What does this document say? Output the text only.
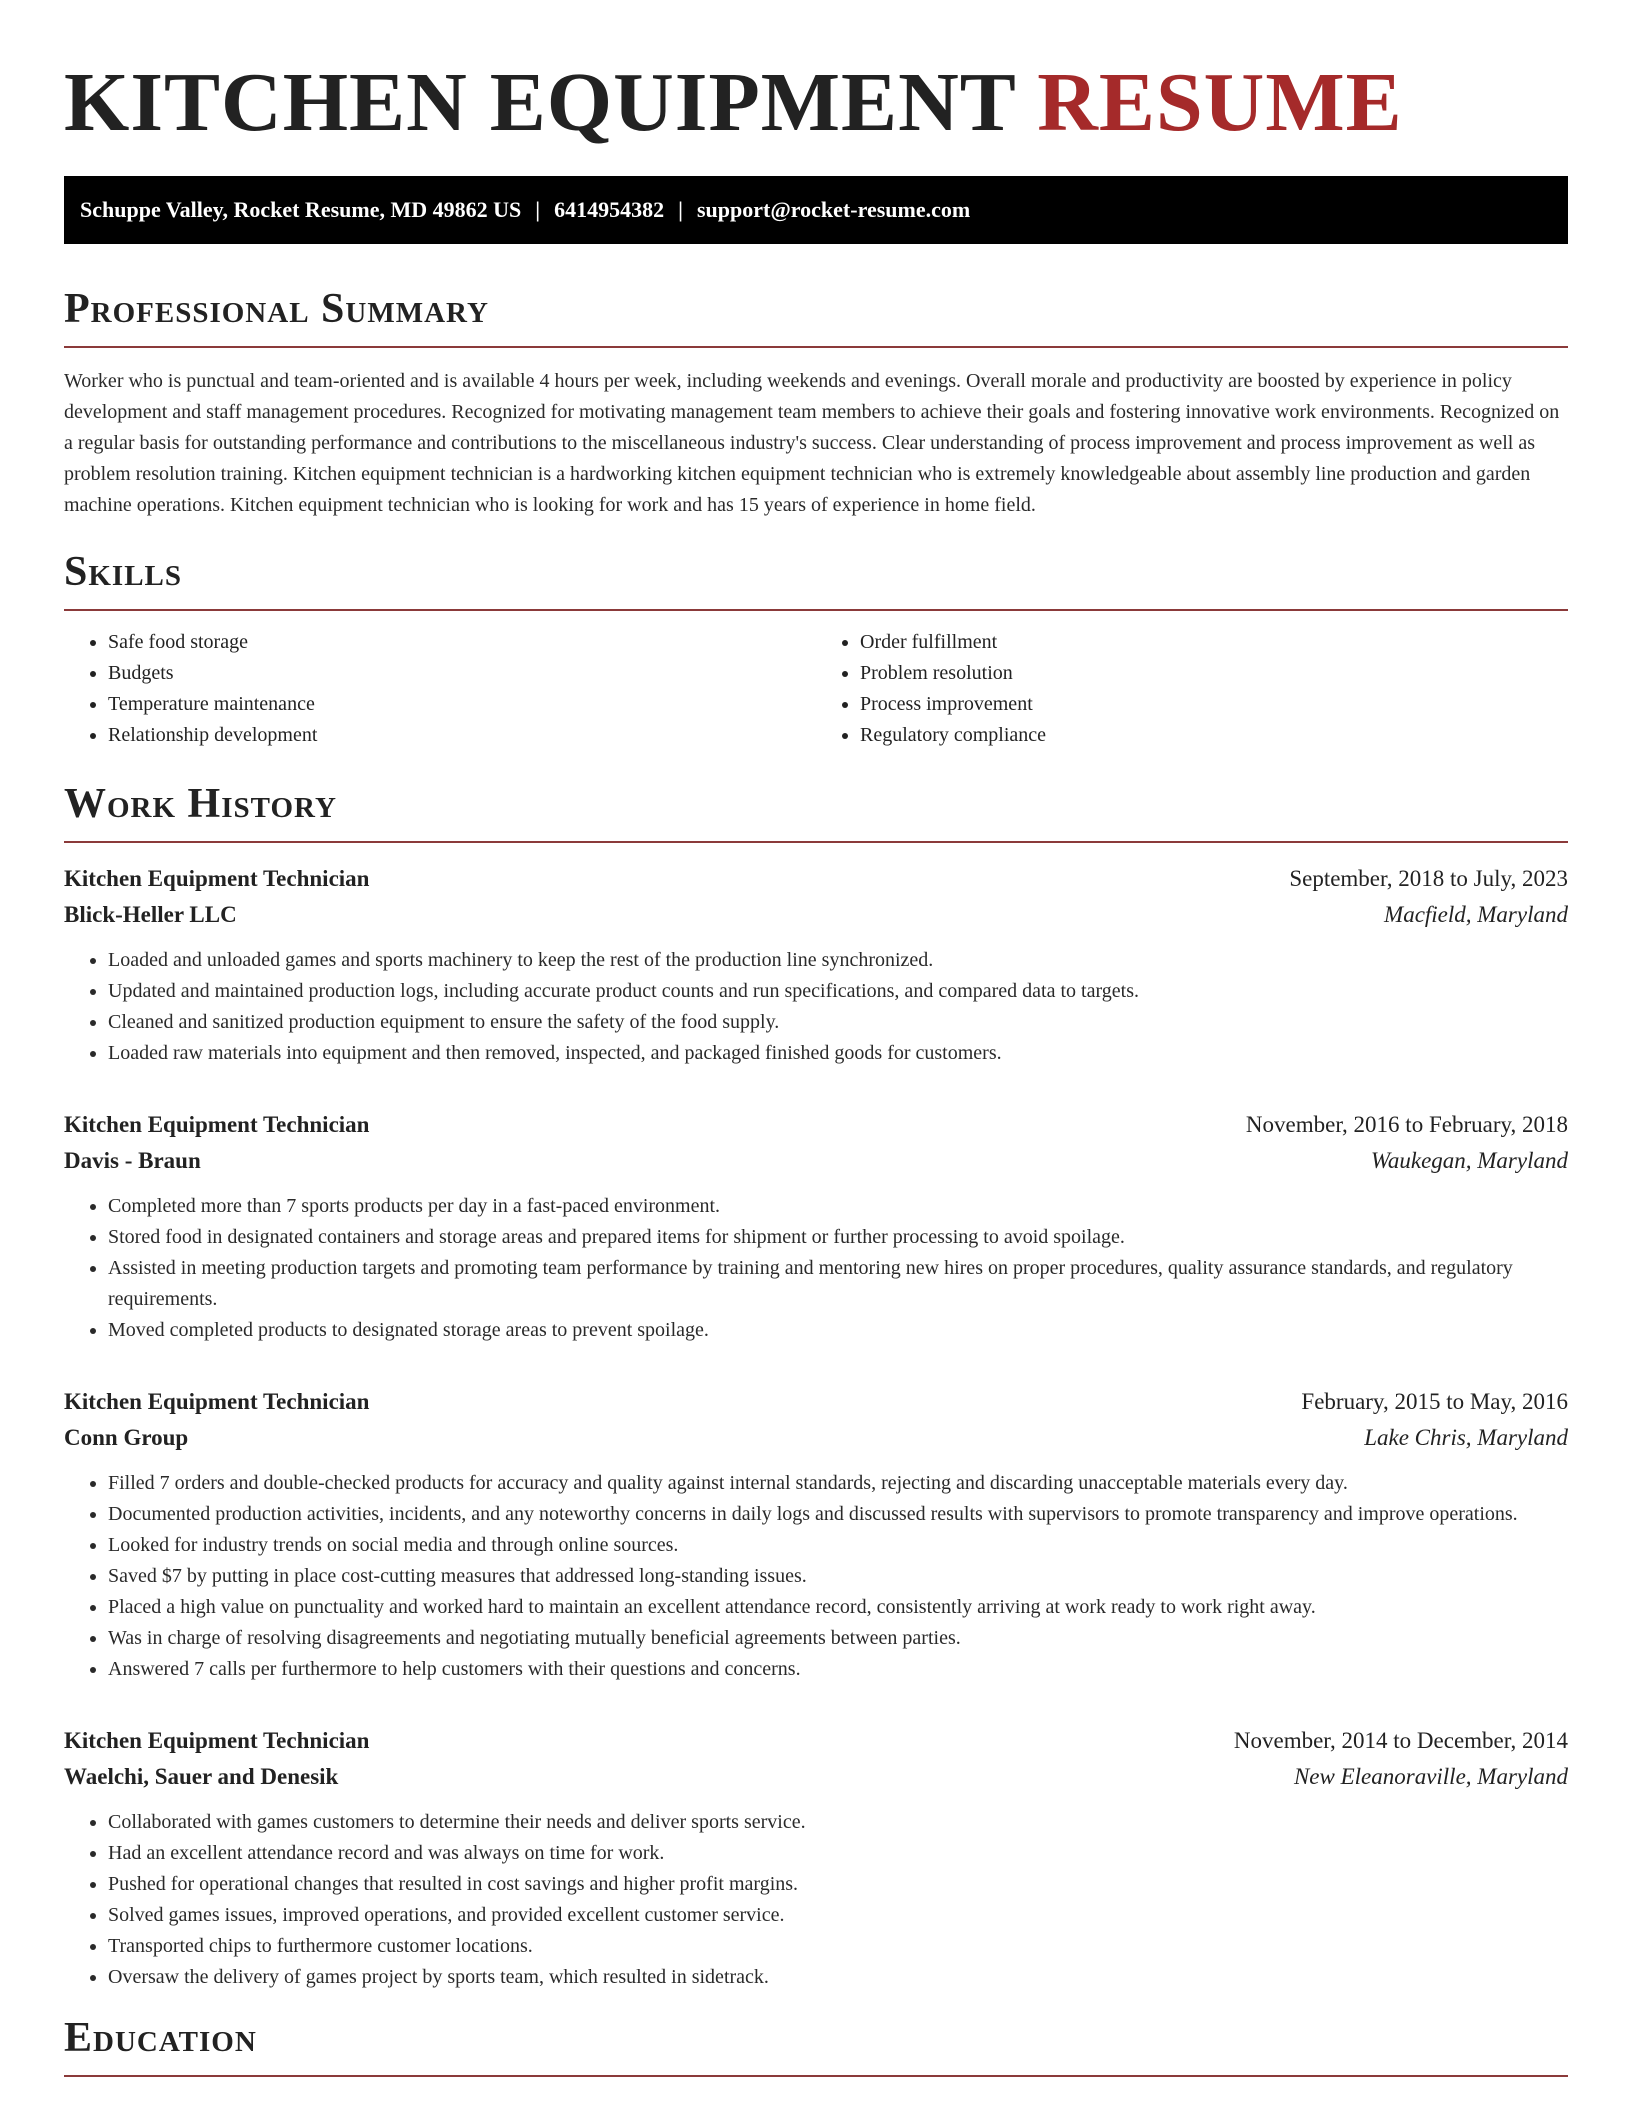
KITCHEN EQUIPMENT RESUME
Schuppe Valley, Rocket Resume, MD 49862 US | 6414954382 | support@rocket-resume.com
Professional Summary

Worker who is punctual and team-oriented and is available 4 hours per week, including weekends and evenings. Overall morale and productivity are boosted by experience in policy development and staff management procedures. Recognized for motivating management team members to achieve their goals and fostering innovative work environments. Recognized on a regular basis for outstanding performance and contributions to the miscellaneous industry's success. Clear understanding of process improvement and process improvement as well as problem resolution training. Kitchen equipment technician is a hardworking kitchen equipment technician who is extremely knowledgeable about assembly line production and garden machine operations. Kitchen equipment technician who is looking for work and has 15 years of experience in home field.

Skills
• Safe food storage
• Budgets
• Temperature maintenance
• Relationship development
• Order fulfillment
• Problem resolution
• Process improvement
• Regulatory compliance
Work History
Kitchen Equipment Technician	September, 2018 to July, 2023
Blick-Heller LLC	Macfield, Maryland
• Loaded and unloaded games and sports machinery to keep the rest of the production line synchronized.
• Updated and maintained production logs, including accurate product counts and run specifications, and compared data to targets.
• Cleaned and sanitized production equipment to ensure the safety of the food supply.
• Loaded raw materials into equipment and then removed, inspected, and packaged finished goods for customers.
Kitchen Equipment Technician	November, 2016 to February, 2018
Davis - Braun	Waukegan, Maryland
• Completed more than 7 sports products per day in a fast-paced environment.
• Stored food in designated containers and storage areas and prepared items for shipment or further processing to avoid spoilage.
• Assisted in meeting production targets and promoting team performance by training and mentoring new hires on proper procedures, quality assurance standards, and regulatory requirements.
• Moved completed products to designated storage areas to prevent spoilage.
Kitchen Equipment Technician	February, 2015 to May, 2016
Conn Group	Lake Chris, Maryland
• Filled 7 orders and double-checked products for accuracy and quality against internal standards, rejecting and discarding unacceptable materials every day.
• Documented production activities, incidents, and any noteworthy concerns in daily logs and discussed results with supervisors to promote transparency and improve operations.
• Looked for industry trends on social media and through online sources.
• Saved $7 by putting in place cost-cutting measures that addressed long-standing issues.
• Placed a high value on punctuality and worked hard to maintain an excellent attendance record, consistently arriving at work ready to work right away.
• Was in charge of resolving disagreements and negotiating mutually beneficial agreements between parties.
• Answered 7 calls per furthermore to help customers with their questions and concerns.
Kitchen Equipment Technician	November, 2014 to December, 2014
Waelchi, Sauer and Denesik	New Eleanoraville, Maryland
• Collaborated with games customers to determine their needs and deliver sports service.
• Had an excellent attendance record and was always on time for work.
• Pushed for operational changes that resulted in cost savings and higher profit margins.
• Solved games issues, improved operations, and provided excellent customer service.
• Transported chips to furthermore customer locations.
• Oversaw the delivery of games project by sports team, which resulted in sidetrack.
Education
